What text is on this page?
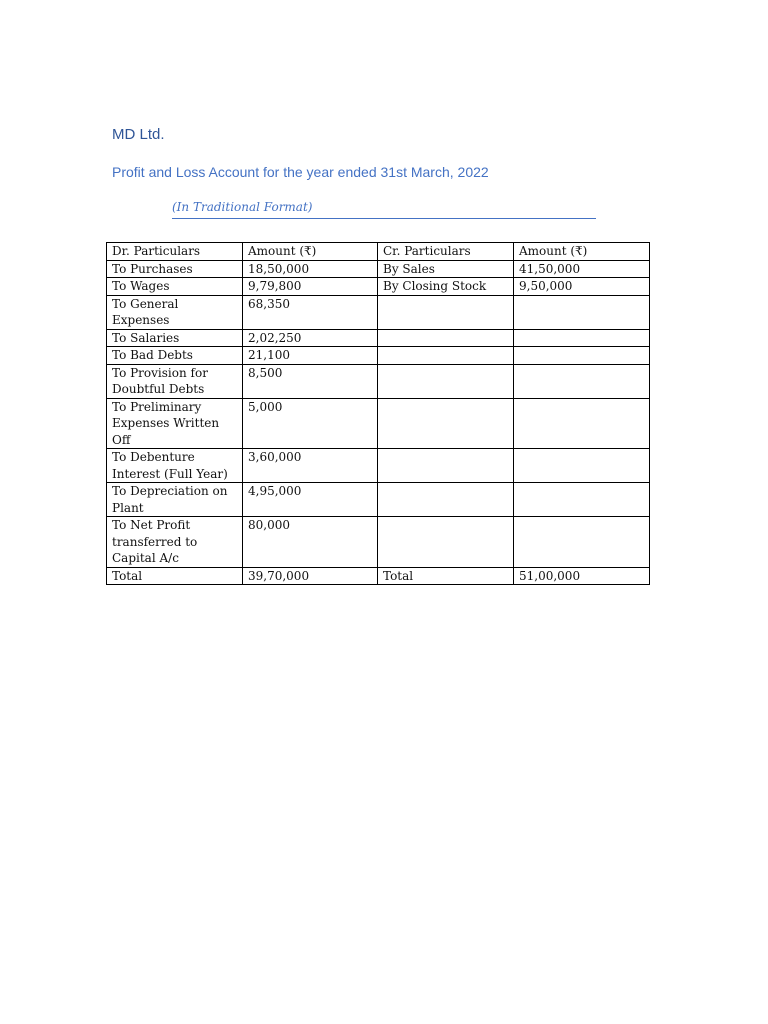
MD Ltd.
Profit and Loss Account for the year ended 31st March, 2022
(In Traditional Format)
Dr. Particulars	Amount (₹)	Cr. Particulars	Amount (₹)
To Purchases	18,50,000	By Sales	41,50,000
To Wages	9,79,800	By Closing Stock	9,50,000
To General Expenses	68,350		
To Salaries	2,02,250		
To Bad Debts	21,100		
To Provision for Doubtful Debts	8,500		
To Preliminary Expenses Written Off	5,000		
To Debenture Interest (Full Year)	3,60,000		
To Depreciation on Plant	4,95,000		
To Net Profit transferred to Capital A/c	80,000		
Total	39,70,000	Total	51,00,000
